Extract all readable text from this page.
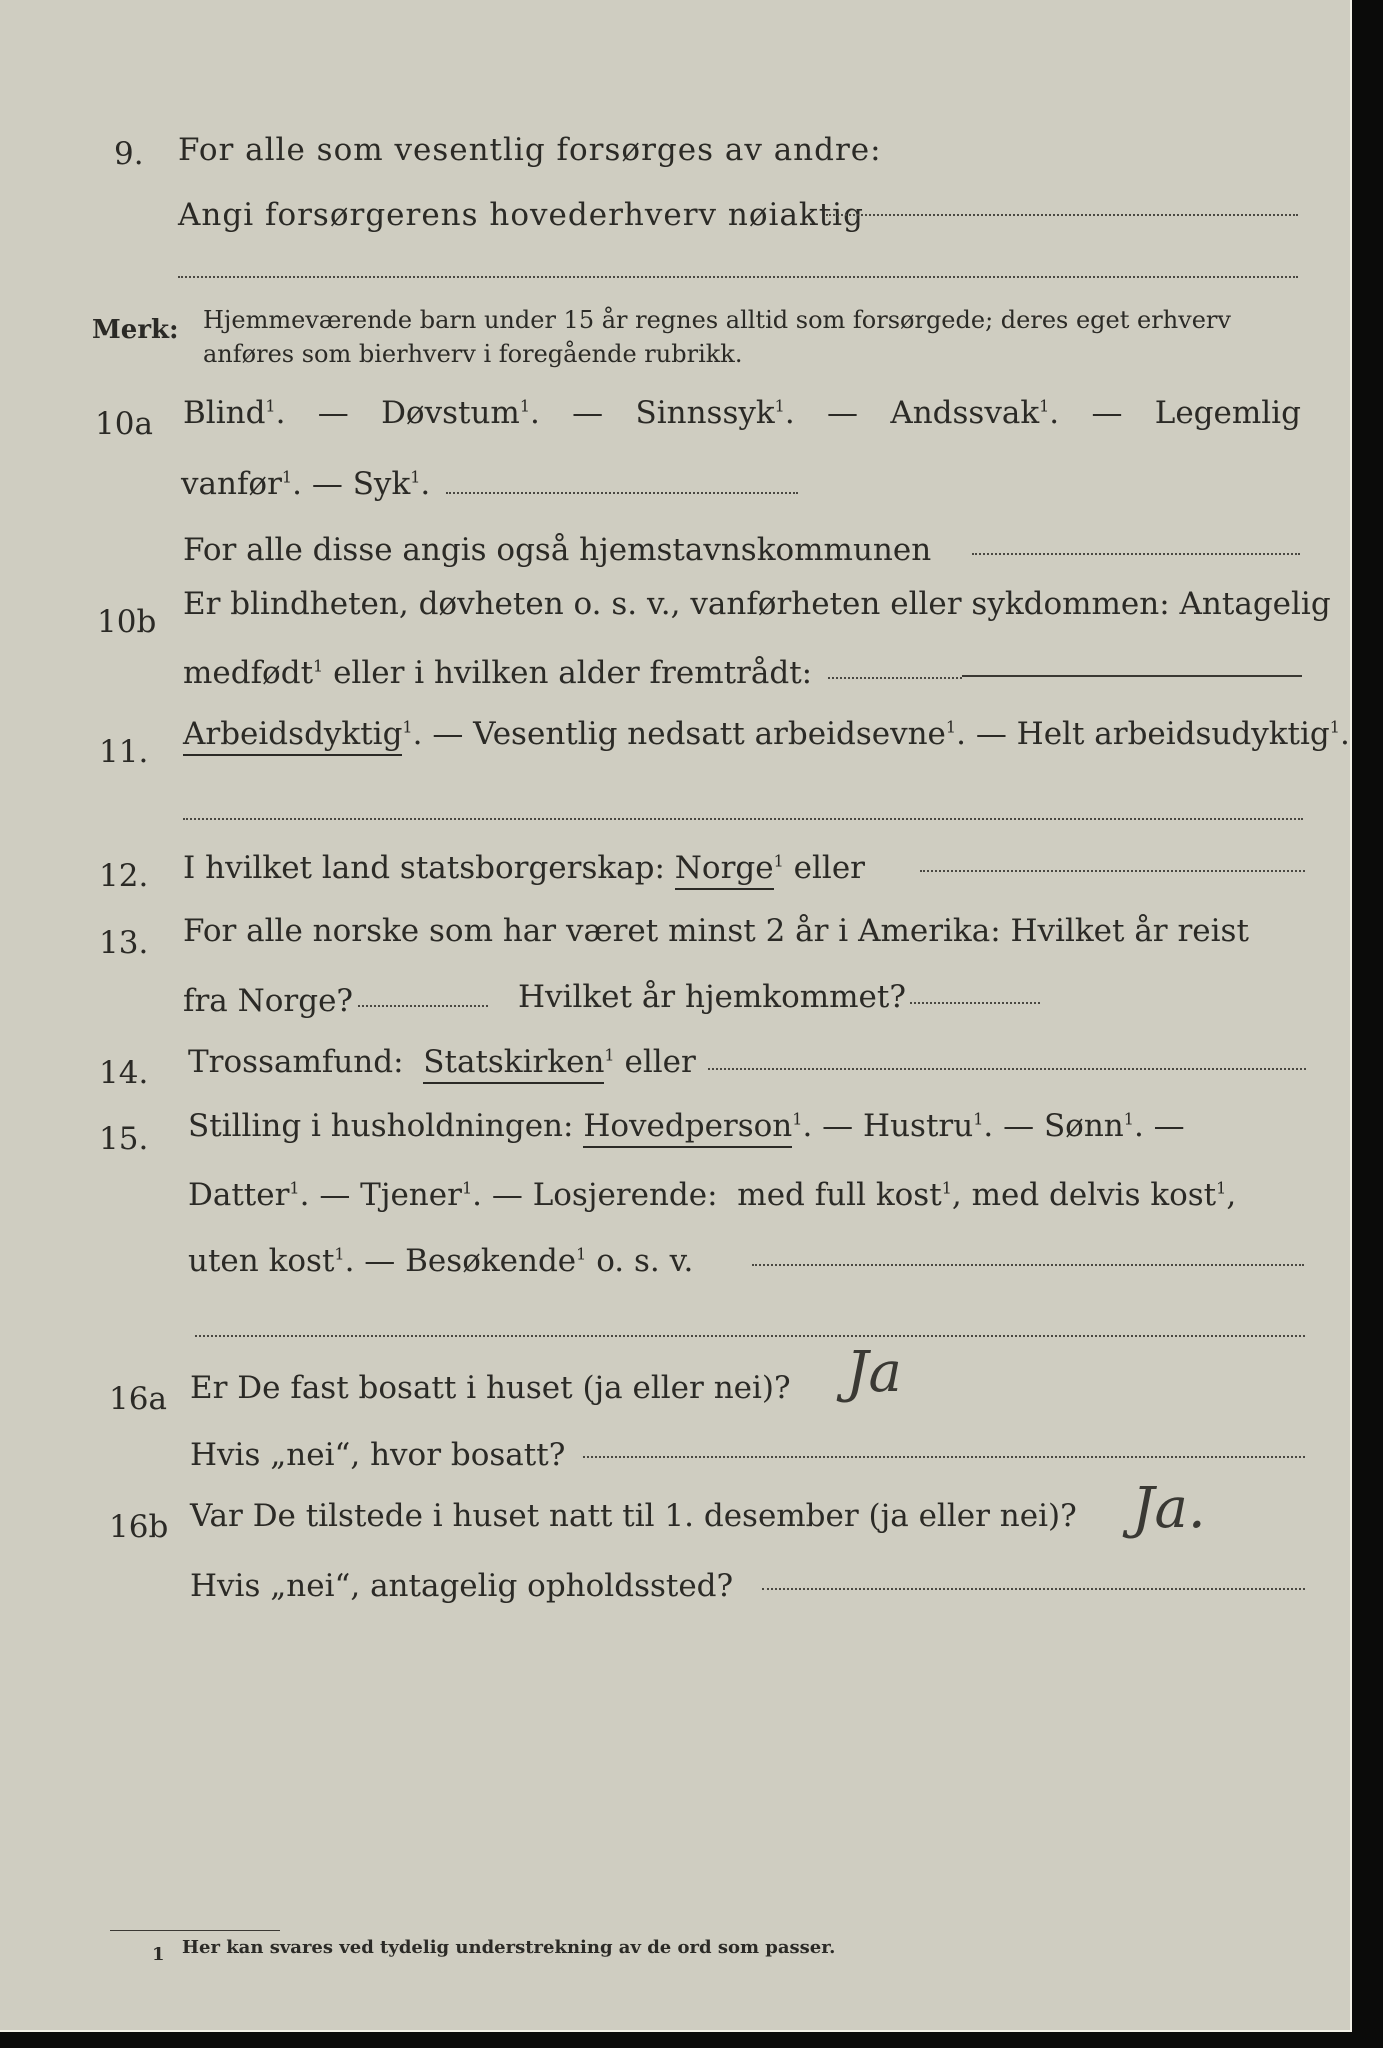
9. For alle som vesentlig forsørges av andre:
Angi forsørgerens hovederhverv nøiaktig
Merk: Hjemmeværende barn under 15 år regnes alltid som forsørgede; deres eget erhverv
anføres som bierhverv i foregående rubrikk.
10a Blind$^1$. — Døvstum$^1$. — Sinnssyk$^1$. — Andssvak$^1$. — Legemlig
vanfør$^1$. — Syk$^1$.
For alle disse angis også hjemstavnskommunen
10b Er blindheten, døvheten o. s. v., vanførheten eller sykdommen: Antagelig
medfødt$^1$ eller i hvilken alder fremtrådt:
11. Arbeidsdyktig$^1$. — Vesentlig nedsatt arbeidsevne$^1$. — Helt arbeidsudyktig$^1$.
12. I hvilket land statsborgerskap: Norge$^1$ eller
13. For alle norske som har været minst 2 år i Amerika: Hvilket år reist
fra Norge?	Hvilket år hjemkommet?
14. Trossamfund: Statskirken$^1$ eller
15. Stilling i husholdningen: Hovedperson$^1$. — Hustru$^1$. — Sønn$^1$. —
Datter$^1$. — Tjener$^1$. — Losjerende: med full kost$^1$, med delvis kost$^1$,
uten kost$^1$. — Besøkende$^1$ o. s. v.
16a Er De fast bosatt i huset (ja eller nei)? Ja
Hvis „nei“, hvor bosatt?
16b Var De tilstede i huset natt til 1. desember (ja eller nei)? Ja.
Hvis „nei“, antagelig opholdssted?
1 Her kan svares ved tydelig understrekning av de ord som passer.
